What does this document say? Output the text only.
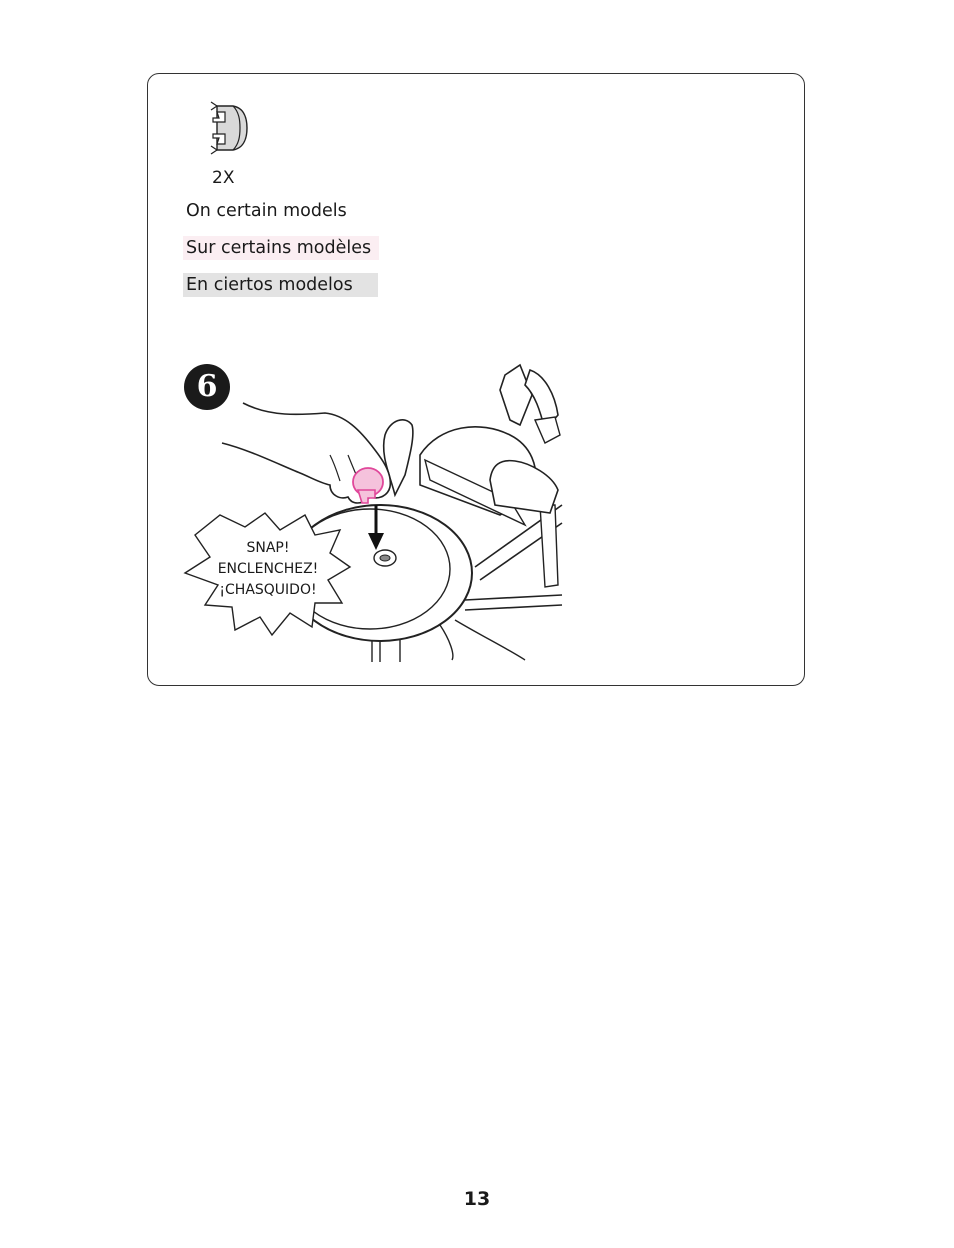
2X
On certain models
Sur certains modèles
En ciertos modelos
6
SNAP!
ENCLENCHEZ!
¡CHASQUIDO!
13
